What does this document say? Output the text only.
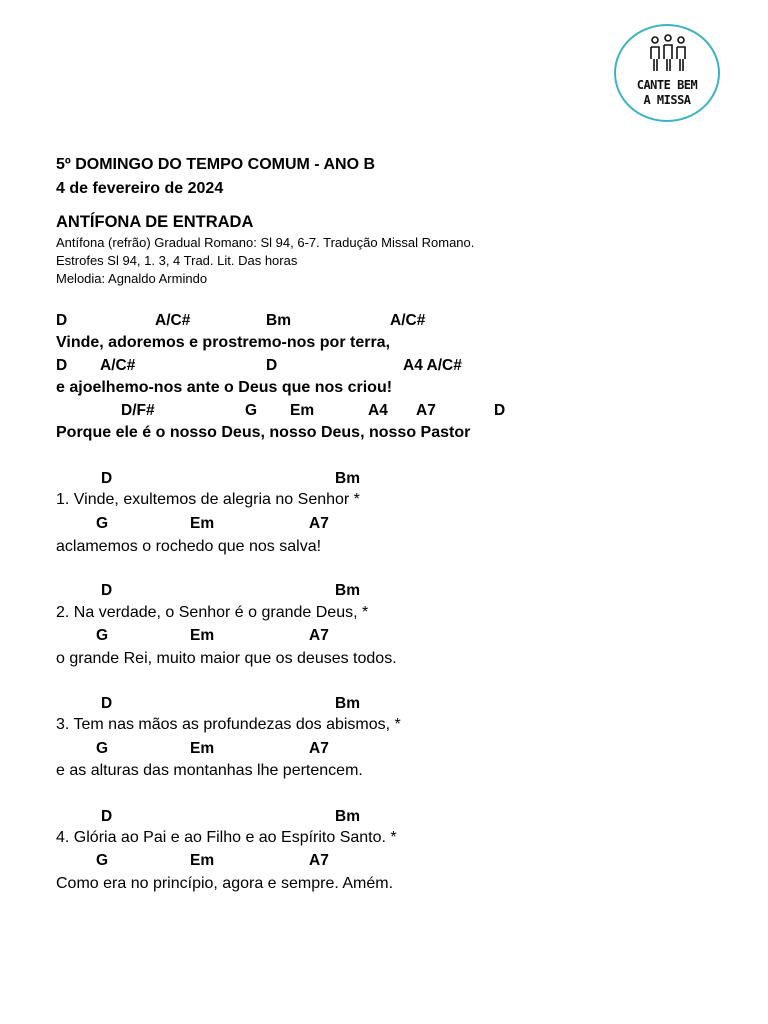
CANTE BEM
A MISSA
5º DOMINGO DO TEMPO COMUM - ANO B
4 de fevereiro de 2024
ANTÍFONA DE ENTRADA
Antífona (refrão) Gradual Romano: Sl 94, 6-7. Tradução Missal Romano.
Estrofes Sl 94, 1. 3, 4 Trad. Lit. Das horas
Melodia: Agnaldo Armindo
D	A/C#	Bm	A/C#
Vinde, adoremos e prostremo-nos por terra,
D A/C#	D	A4 A/C#
e ajoelhemo-nos ante o Deus que nos criou!
D/F#	G Em	A4 A7	D
Porque ele é o nosso Deus, nosso Deus, nosso Pastor
D	Bm
1. Vinde, exultemos de alegria no Senhor *
G	Em	A7
aclamemos o rochedo que nos salva!
D	Bm
2. Na verdade, o Senhor é o grande Deus, *
G	Em	A7
o grande Rei, muito maior que os deuses todos.
D	Bm
3. Tem nas mãos as profundezas dos abismos, *
G	Em	A7
e as alturas das montanhas lhe pertencem.
D	Bm
4. Glória ao Pai e ao Filho e ao Espírito Santo. *
G	Em	A7
Como era no princípio, agora e sempre. Amém.
